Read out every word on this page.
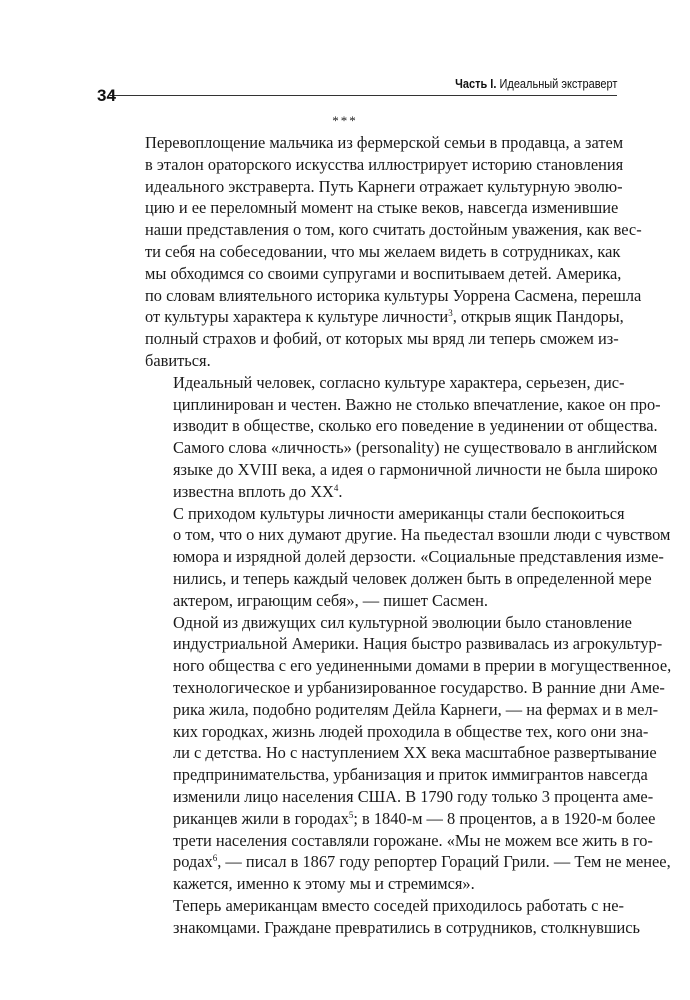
34
Часть I. Идеальный экстраверт
***

Перевоплощение мальчика из фермерской семьи в продавца, а затем
в эталон ораторского искусства иллюстрирует историю становления
идеального экстраверта. Путь Карнеги отражает культурную эволю-
цию и ее переломный момент на стыке веков, навсегда изменившие
наши представления о том, кого считать достойным уважения, как вес-
ти себя на собеседовании, что мы желаем видеть в сотрудниках, как
мы обходимся со своими супругами и воспитываем детей. Америка,
по словам влиятельного историка культуры Уоррена Сасмена, перешла
от культуры характера к культуре личности$^3$, открыв ящик Пандоры,
полный страхов и фобий, от которых мы вряд ли теперь сможем из-
бавиться.

Идеальный человек, согласно культуре характера, серьезен, дис-
циплинирован и честен. Важно не столько впечатление, какое он про-
изводит в обществе, сколько его поведение в уединении от общества.
Самого слова «личность» (personality) не существовало в английском
языке до XVIII века, а идея о гармоничной личности не была широко
известна вплоть до $XX^4$.

С приходом культуры личности американцы стали беспокоиться
о том, что о них думают другие. На пьедестал взошли люди с чувством
юмора и изрядной долей дерзости. «Социальные представления изме-
нились, и теперь каждый человек должен быть в определенной мере
актером, играющим себя», — пишет Сасмен.

Одной из движущих сил культурной эволюции было становление
индустриальной Америки. Нация быстро развивалась из агрокультур-
ного общества с его уединенными домами в прерии в могущественное,
технологическое и урбанизированное государство. В ранние дни Аме-
рика жила, подобно родителям Дейла Карнеги, — на фермах и в мел-
ких городках, жизнь людей проходила в обществе тех, кого они зна-
ли с детства. Но с наступлением XX века масштабное развертывание
предпринимательства, урбанизация и приток иммигрантов навсегда
изменили лицо населения США. В 1790 году только 3 процента аме-
риканцев жили в городах$^5$; в 1840-м — 8 процентов, а в 1920-м более
трети населения составляли горожане. «Мы не можем все жить в го-
родах$^6$, — писал в 1867 году репортер Гораций Грили. — Тем не менее,
кажется, именно к этому мы и стремимся».

Теперь американцам вместо соседей приходилось работать с не-
знакомцами. Граждане превратились в сотрудников, столкнувшись
